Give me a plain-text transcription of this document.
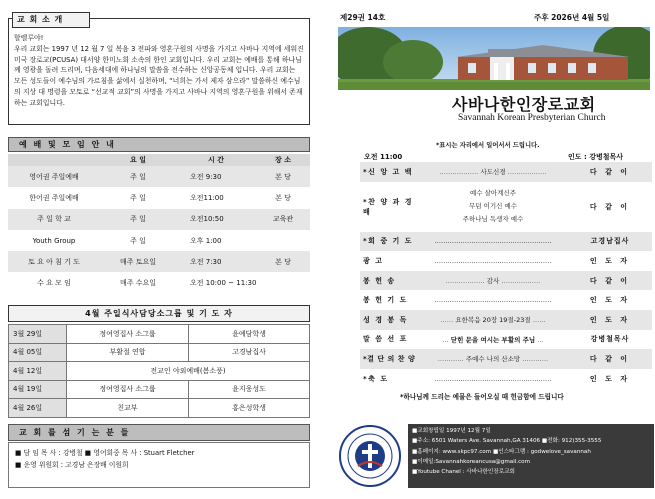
할렐루야!
우리 교회는 1997 년 12 월 7 일 복음 3 전파와 영혼구원의 사명을 가지고 사바나 지역에 세워진 미국 장로교(PCUSA) 대서양 한미노회 소속의 한인 교회입니다. 우리 교회는 예배를 통해 하나님께 영광을 돌려 드리며, 다음세대에 하나님의 말씀을 전수하는 신앙공동체 입니다. 우리 교회는 모든 성도들이 예수님의 가르침을 삶에서 실천하며, “너희는 가서 제자 삼으라” 말씀하신 예수님의 지상 대 명령을 모토로 “선교적 교회”의 사명을 가지고 사바나 지역의 영혼구원을 위해서 존재하는 교회입니다.
교 회 소 개
예 배 및 모 임 안 내
	요 일	시 간	장 소
영어권 주일예배	주 일	오전 9:30	본 당
한어권 주일예배	주 일	오전11:00	본 당
주 일 학 교	주 일	오전10:50	교육관
Youth Group	주 일	오후 1:00	
토 요 아 침 기 도	매주 토요일	오전 7:30	본 당
수 요 모 임	매주 수요일	오전 10:00 ~ 11:30	
4월 주일식사담당소그룹 및 기 도 자
3월 29일	정여영집사 소그룹	윤예담학생
4월 05일	부활절 연합	고경남집사
4월 12일	전교인 야외예배(봄소풍)	
4월 19일	정여영집사 소그룹	윤지웅성도
4월 26일	친교부	홍은성학생
교 회 를 섬 기 는 분 들
■ 담 임 목 사 : 강병철 ■ 영어회중 목 사 : Stuart Fletcher
■ 운영 위원회 : 고경남 은장배 이원희
제29권 14호	주후 2026년 4월 5일
사바나한인장로교회
Savannah Korean Presbyterian Church
*표시는 자리에서 일어서서 드립니다.
오전 11:00	인도 : 강병철목사
*신 앙 고 백	……………… 사도신경 ………………	다 같 이
*찬 양 과 경 배	예수 살아계신주
무덤 이기신 예수
주하나님 독생자 예수	다 같 이
*회 중 기 도	………………………………………………	고경남집사
광 고	………………………………………………	인 도 자
봉 헌 송	……………… 감사 ………………	다 같 이
봉 헌 기 도	………………………………………………	인 도 자
성 경 봉 독	…… 요한복음 20장 19절-23절 ……	인 도 자
말 씀 선 포	… 닫힌 문을 여시는 부활의 주님 …	강병철목사
*결 단 의 찬 양	………… 주예수 나의 산소망 …………	다 같 이
*축 도	………………………………………………	인 도 자
*하나님께 드리는 예물은 들어오실 때 헌금함에 드립니다
■교회창립일 1997년 12월 7일
■주소: 6501 Waters Ave. Savannah,GA 31406 ■전화: 912)355-3555
■홈페이지: www.skpc97.com ■인스타그램 : godwelove_savannah
■이메일:Savannahkoreancusa@gmail.com
■Youtube Chanel : 사바나한인장로교회
